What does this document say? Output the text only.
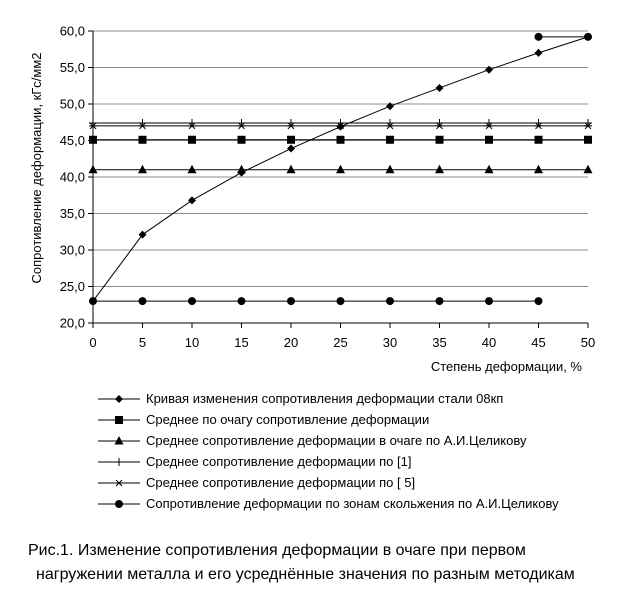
20,0
25,0
30,0
35,0
40,0
45,0
50,0
55,0
60,0
0	5	10	15	20	25	30	35	40	45	50
Сопротивление деформации, кГс/мм2
Степень деформации, %
Кривая изменения сопротивления деформации стали 08кп
Среднее по очагу сопротивление деформации
Среднее сопротивление деформации в очаге по А.И.Целикову
Среднее сопротивление деформации по [1]
Среднее сопротивление деформации по [ 5]
Сопротивление деформации по зонам скольжения по А.И.Целикову
Рис.1. Изменение сопротивления деформации в очаге при первом
нагружении металла и его усреднённые значения по разным методикам
